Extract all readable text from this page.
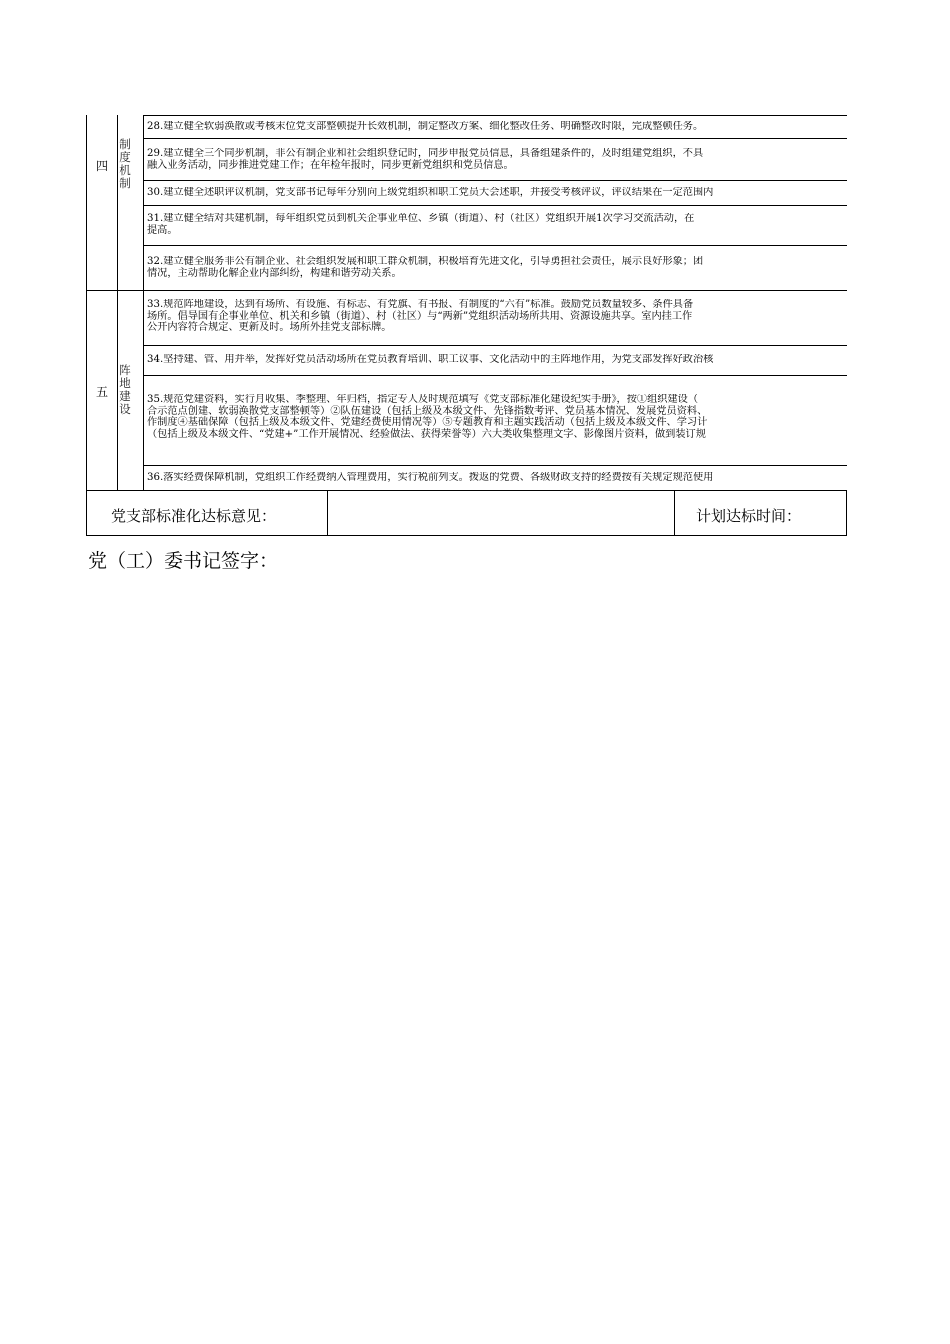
四
制度机制
28.建立健全软弱涣散或考核末位党支部整顿提升长效机制，制定整改方案、细化整改任务、明确整改时限，完成整顿任务。
29.建立健全三个同步机制，非公有制企业和社会组织登记时，同步申报党员信息，具备组建条件的，及时组建党组织，不具
融入业务活动，同步推进党建工作；在年检年报时，同步更新党组织和党员信息。
30.建立健全述职评议机制，党支部书记每年分别向上级党组织和职工党员大会述职，并接受考核评议，评议结果在一定范围内
31.建立健全结对共建机制，每年组织党员到机关企事业单位、乡镇（街道）、村（社区）党组织开展1次学习交流活动，在
提高。
32.建立健全服务非公有制企业、社会组织发展和职工群众机制，积极培育先进文化，引导勇担社会责任，展示良好形象；团
情况，主动帮助化解企业内部纠纷，构建和谐劳动关系。
五
阵地建设
33.规范阵地建设，达到有场所、有设施、有标志、有党旗、有书报、有制度的“六有”标准。鼓励党员数量较多、条件具备
场所。倡导国有企事业单位、机关和乡镇（街道）、村（社区）与“两新”党组织活动场所共用、资源设施共享。室内挂工作
公开内容符合规定、更新及时。场所外挂党支部标牌。
34.坚持建、管、用并举，发挥好党员活动场所在党员教育培训、职工议事、文化活动中的主阵地作用，为党支部发挥好政治核
35.规范党建资料，实行月收集、季整理、年归档，指定专人及时规范填写《党支部标准化建设纪实手册》，按①组织建设（
合示范点创建、软弱涣散党支部整顿等）②队伍建设（包括上级及本级文件、先锋指数考评、党员基本情况、发展党员资料、
作制度④基础保障（包括上级及本级文件、党建经费使用情况等）⑤专题教育和主题实践活动（包括上级及本级文件、学习计
（包括上级及本级文件、“党建+”工作开展情况、经验做法、获得荣誉等）六大类收集整理文字、影像图片资料，做到装订规
36.落实经费保障机制，党组织工作经费纳入管理费用，实行税前列支。拨返的党费、各级财政支持的经费按有关规定规范使用
党支部标准化达标意见：	计划达标时间：
党（工）委书记签字：
